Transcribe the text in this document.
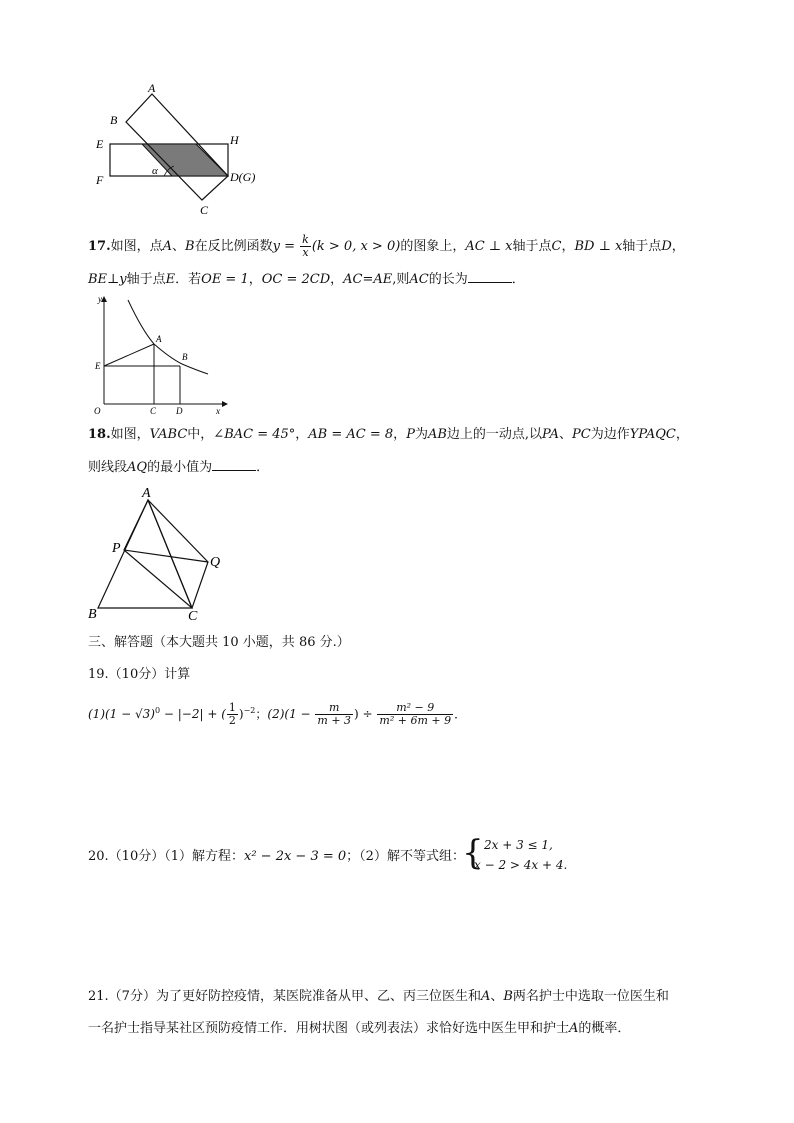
A
B
E	H
F
α	D(G)
C
17.如图，点A、B在反比例函数$y = \frac{k}{x} (k > 0$, x > 0)的图象上，AC ⊥ x轴于点C，BD ⊥ x轴于点D，
BE⊥y轴于点E．若OE = 1，OC = 2CD，AC=AE,则AC的长为	．
y
A
B
E
O	C D	x
18.如图，VABC中，∠BAC = 45°，AB = AC = 8，P为AB边上的一动点,以PA、PC为边作YPAQC，
则线段AQ的最小值为	．
A
P
Q
B	C
三、解答题（本大题共 10 小题，共 86 分.）
19.（10分）计算
$(1)(1 - √3)^0 - |-2|$ + ( $\frac{1}{2} )^{-2}$；$(2)(1 - \frac{m}{m + 3}$ ) ÷ $\frac{\text{m² − 9}}{\text{m² + 6m + 9}}$ ．
20.（10分）（1）解方程：x² − 2x − 3 = 0；（2）解不等式组：
{ 2x + 3 ≤ 1,
x − 2 > 4x + 4.
21.（7分）为了更好防控疫情，某医院准备从甲、乙、丙三位医生和A、B两名护士中选取一位医生和
一名护士指导某社区预防疫情工作．用树状图（或列表法）求恰好选中医生甲和护士A的概率．
